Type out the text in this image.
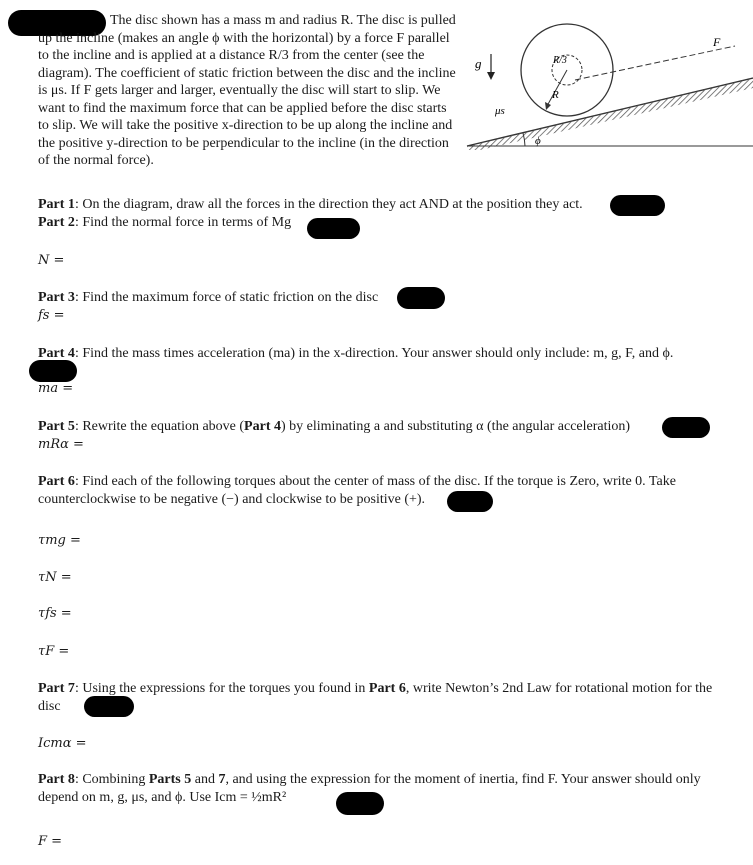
The disc shown has a mass m and radius R. The disc is pulled up the incline (makes an angle ϕ with the horizontal) by a force F parallel to the incline and is applied at a distance R/3 from the center (see the diagram). The coefficient of static friction between the disc and the incline is μs. If F gets larger and larger, eventually the disc will start to slip. We want to find the maximum force that can be applied before the disc starts to slip. We will take the positive x-direction to be up along the incline and the positive y-direction to be perpendicular to the incline (in the direction of the normal force).
g
ϕ
μs
R
R/3
F
Part 1: On the diagram, draw all the forces in the direction they act AND at the position they act.
Part 2: Find the normal force in terms of Mg
N =
Part 3: Find the maximum force of static friction on the disc
fs =
Part 4: Find the mass times acceleration (ma) in the x-direction. Your answer should only include: m, g, F, and ϕ.
ma =
Part 5: Rewrite the equation above (Part 4) by eliminating a and substituting α (the angular acceleration)
mRα =
Part 6: Find each of the following torques about the center of mass of the disc. If the torque is Zero, write 0. Take counterclockwise to be negative (−) and clockwise to be positive (+).
τmg =
τN =
τfs =
τF =
Part 7: Using the expressions for the torques you found in Part 6, write Newton’s 2nd Law for rotational motion for the disc
Icmα =
Part 8: Combining Parts 5 and 7, and using the expression for the moment of inertia, find F. Your answer should only depend on m, g, μs, and ϕ. Use Icm = ½mR²
F =
